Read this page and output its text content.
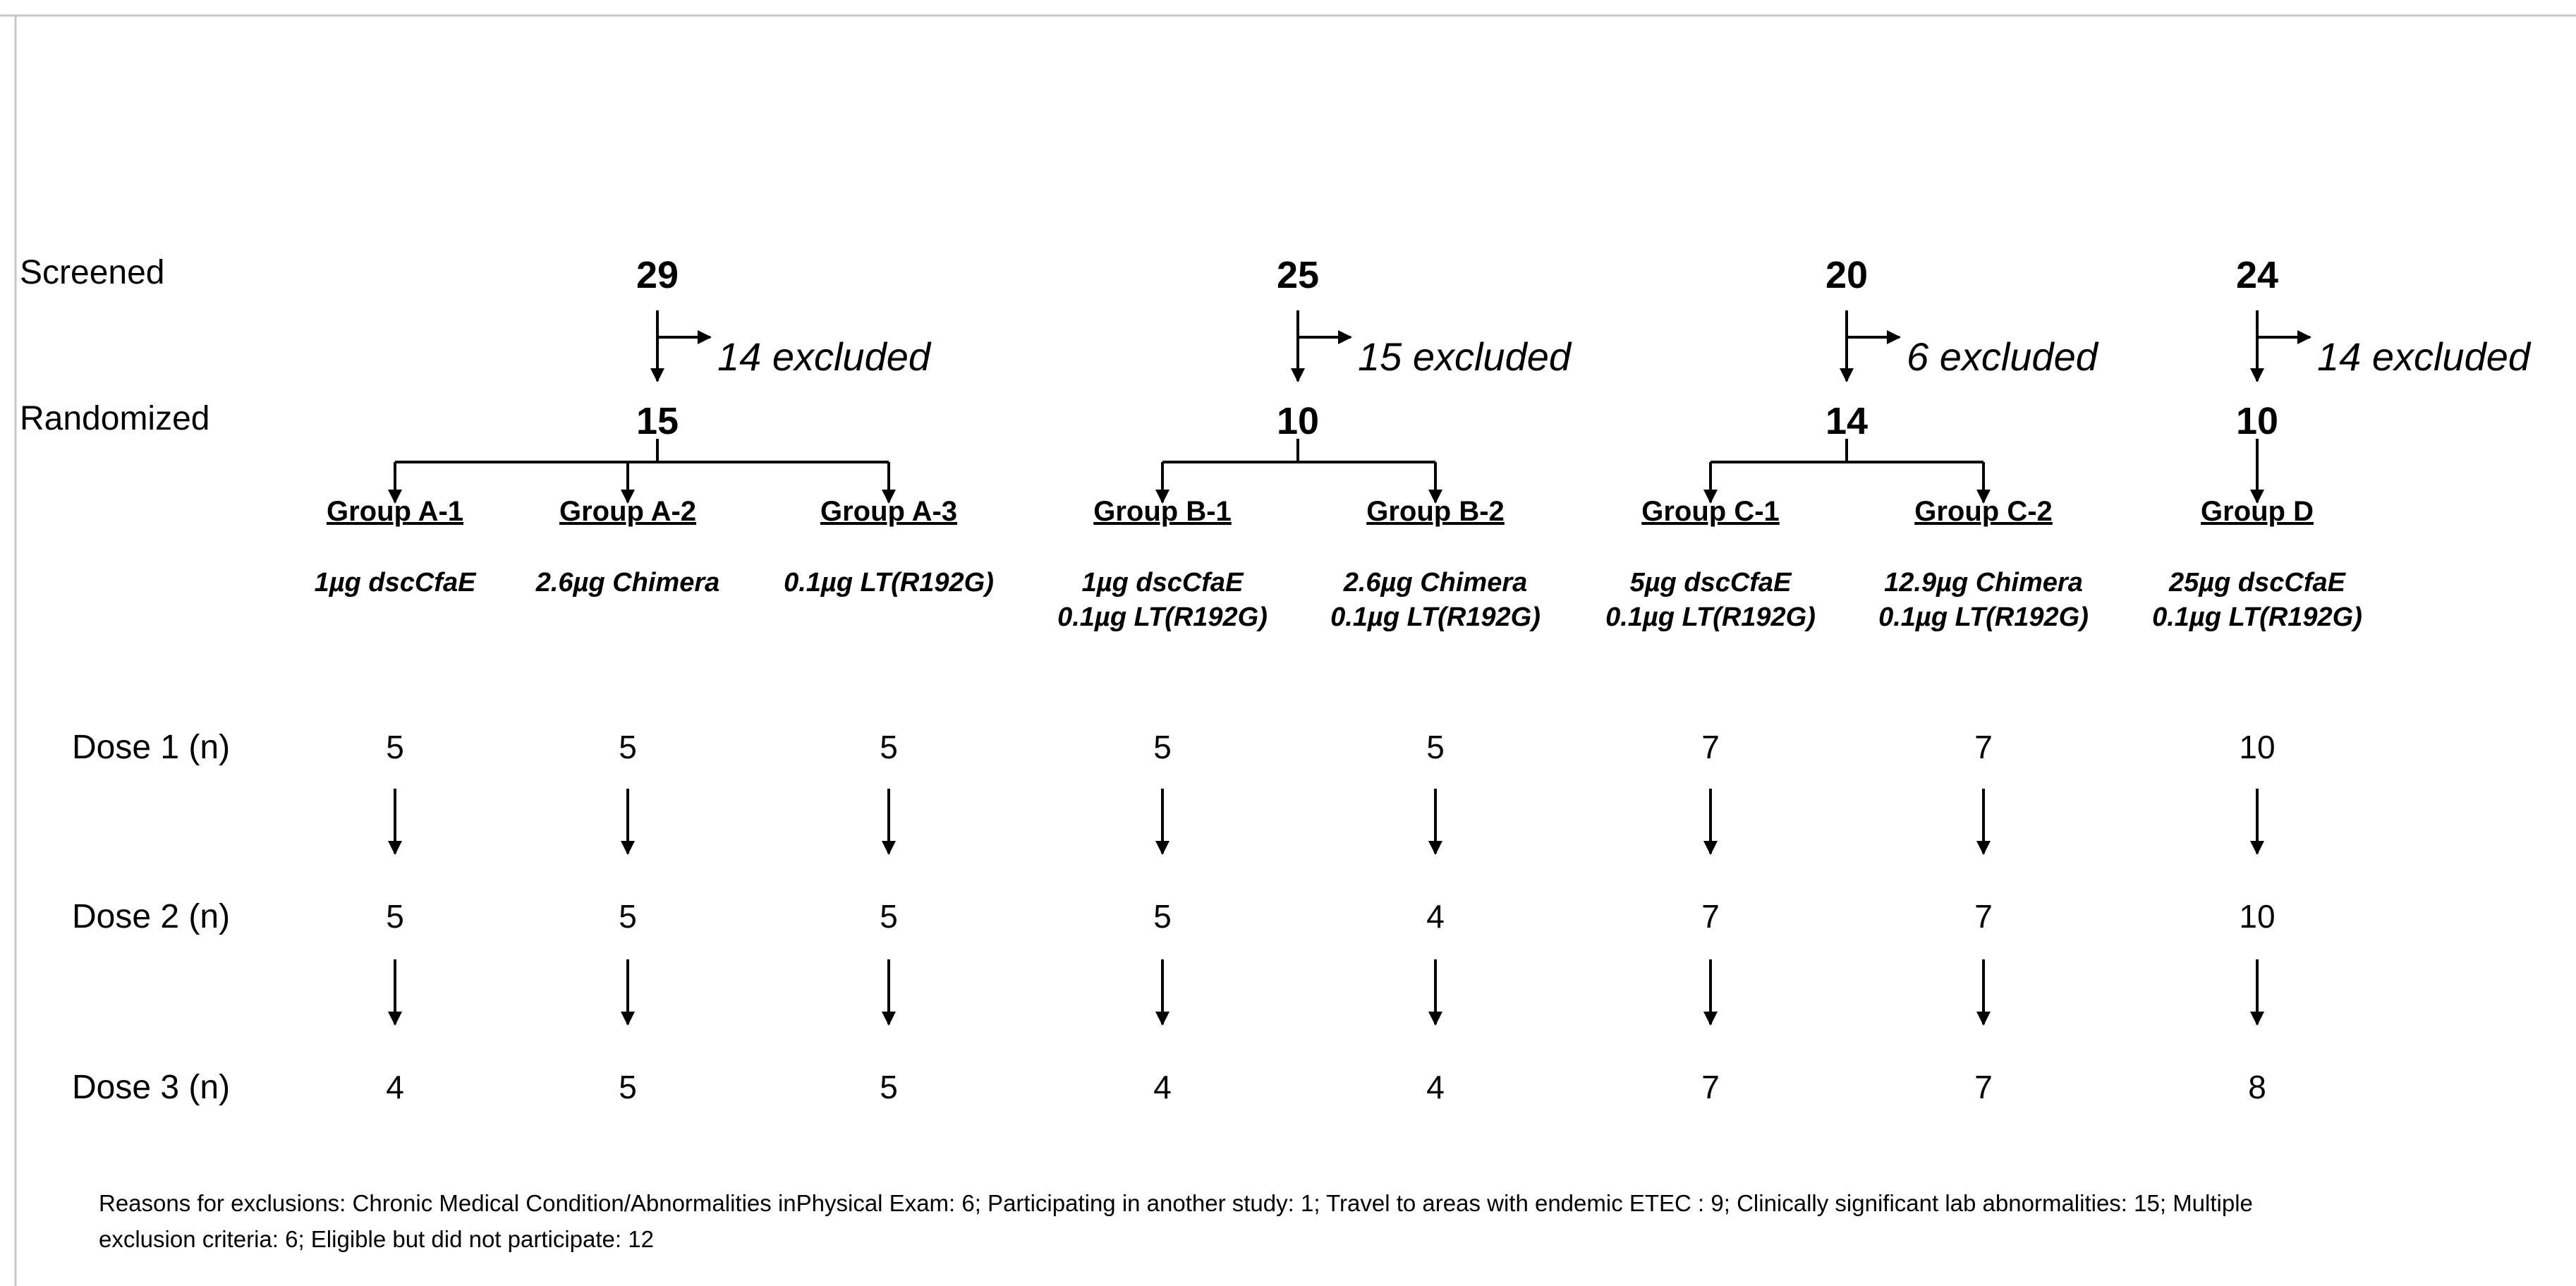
Screened
Randomized
Dose 1 (n)
Dose 2 (n)
Dose 3 (n)
29
15
14 excluded
25
10
15 excluded
20
14
6 excluded
24
10
14 excluded
Group A-1
1µg dscCfaE
5
5
4
Group A-2
2.6µg Chimera
5
5
5
Group A-3
0.1µg LT(R192G)
5
5
5
Group B-1
1µg dscCfaE
0.1µg LT(R192G)
5
5
4
Group B-2
2.6µg Chimera
0.1µg LT(R192G)
5
4
4
Group C-1
5µg dscCfaE
0.1µg LT(R192G)
7
7
7
Group C-2
12.9µg Chimera
0.1µg LT(R192G)
7
7
7
Group D
25µg dscCfaE
0.1µg LT(R192G)
10
10
8
Reasons for exclusions: Chronic Medical Condition/Abnormalities inPhysical Exam: 6; Participating in another study: 1; Travel to areas with endemic ETEC : 9; Clinically significant lab abnormalities: 15; Multiple exclusion criteria: 6; Eligible but did not participate: 12
